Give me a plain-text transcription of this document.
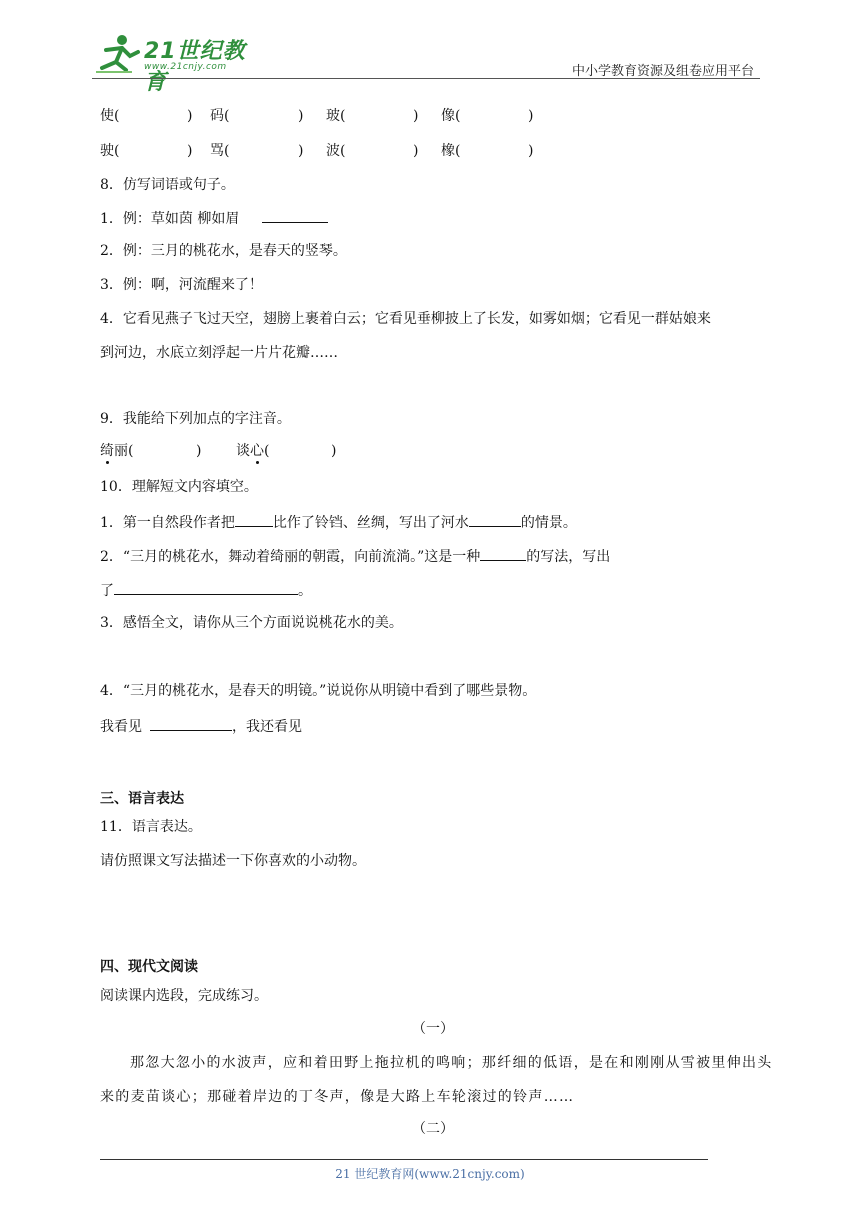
21世纪教育
www.21cnjy.com	中小学教育资源及组卷应用平台
使(	) 码(	) 玻(	) 像(	)
驶(	) 骂(	) 波(	) 橡(	)
8．仿写词语或句子。
1．例：草如茵 柳如眉
2．例：三月的桃花水，是春天的竖琴。
3．例：啊，河流醒来了！
4．它看见燕子飞过天空，翅膀上裹着白云；它看见垂柳披上了长发，如雾如烟；它看见一群姑娘来
到河边，水底立刻浮起一片片花瓣……
9．我能给下列加点的字注音。
绮丽(	) 谈心(	)
10．理解短文内容填空。
1．第一自然段作者把	比作了铃铛、丝绸，写出了河水	的情景。
2．“三月的桃花水，舞动着绮丽的朝霞，向前流淌。”这是一种	的写法，写出
了	。
3．感悟全文，请你从三个方面说说桃花水的美。
4．“三月的桃花水，是春天的明镜。”说说你从明镜中看到了哪些景物。
我看见	，我还看见
三、语言表达
11．语言表达。
请仿照课文写法描述一下你喜欢的小动物。
四、现代文阅读
阅读课内选段，完成练习。
（一）
那忽大忽小的水波声，应和着田野上拖拉机的鸣响；那纤细的低语，是在和刚刚从雪被里伸出头
来的麦苗谈心；那碰着岸边的丁冬声，像是大路上车轮滚过的铃声……
（二）
21 世纪教育网(www.21cnjy.com)
